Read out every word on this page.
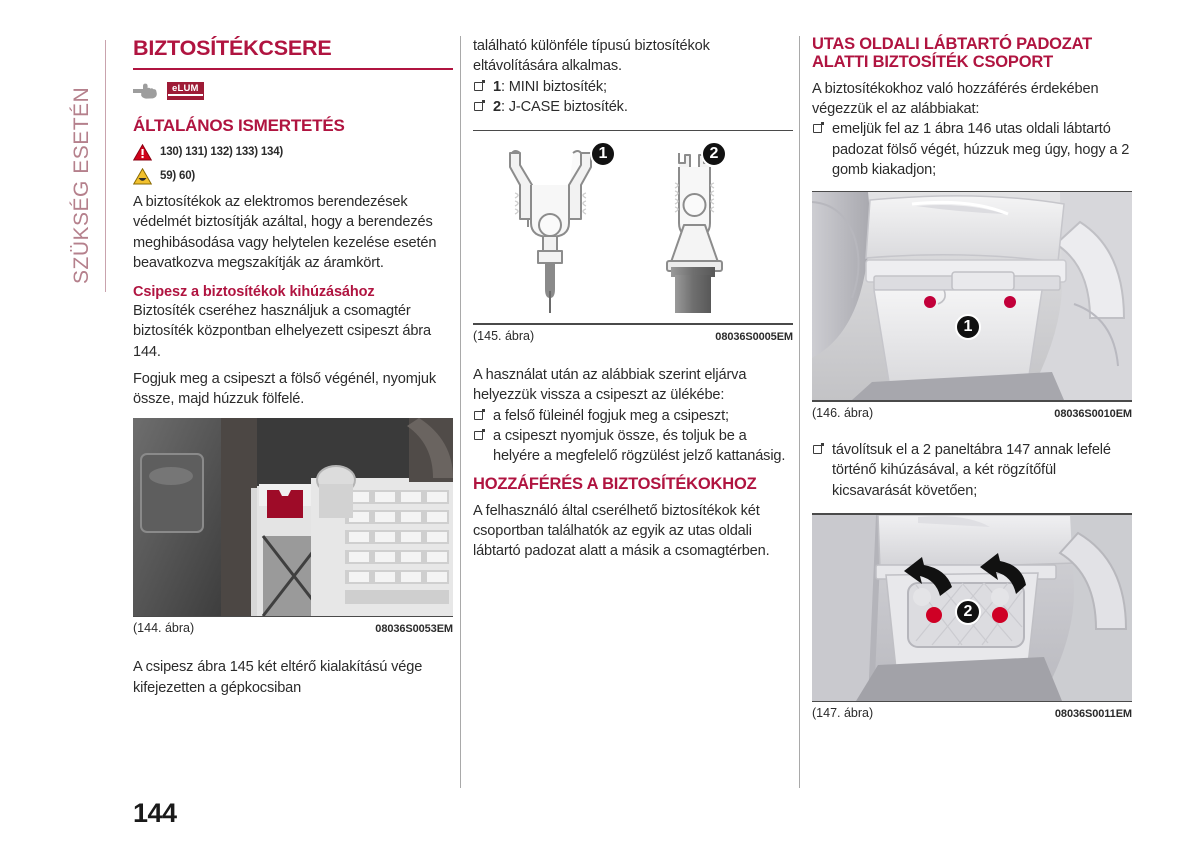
SZÜKSÉG ESETÉN
BIZTOSÍTÉKCSERE
eLUM
ÁLTALÁNOS ISMERTETÉS
130) 131) 132) 133) 134)
59) 60)

A biztosítékok az elektromos berendezések védelmét biztosítják azáltal, hogy a berendezés meghibásodása vagy helytelen kezelése esetén beavatkozva megszakítják az áramkört.

Csipesz a biztosítékok kihúzásához

Biztosíték cseréhez használjuk a csomagtér biztosíték központban elhelyezett csipeszt ábra 144.

Fogjuk meg a csipeszt a fölső végénél, nyomjuk össze, majd húzzuk fölfelé.

(144. ábra)	08036S0053EM

A csipesz ábra 145 két eltérő kialakítású vége kifejezetten a gépkocsiban

található különféle típusú biztosítékok eltávolítására alkalmas.

1: MINI biztosíték;
2: J-CASE biztosíték.
1	2
(145. ábra)	08036S0005EM

A használat után az alábbiak szerint eljárva helyezzük vissza a csipeszt az ülékébe:

a felső füleinél fogjuk meg a csipeszt;
a csipeszt nyomjuk össze, és toljuk be a helyére a megfelelő rögzülést jelző kattanásig.
HOZZÁFÉRÉS A BIZTOSÍTÉKOKHOZ

A felhasználó által cserélhető biztosítékok két csoportban találhatók az egyik az utas oldali lábtartó padozat alatt a másik a csomagtérben.

UTAS OLDALI LÁBTARTÓ PADOZAT ALATTI BIZTOSÍTÉK CSOPORT

A biztosítékokhoz való hozzáférés érdekében végezzük el az alábbiakat:

emeljük fel az 1 ábra 146 utas oldali lábtartó padozat fölső végét, húzzuk meg úgy, hogy a 2 gomb kiakadjon;
1
(146. ábra)	08036S0010EM
távolítsuk el a 2 paneltábra 147 annak lefelé történő kihúzásával, a két rögzítőfül kicsavarását követően;
2
(147. ábra)	08036S0011EM
144
